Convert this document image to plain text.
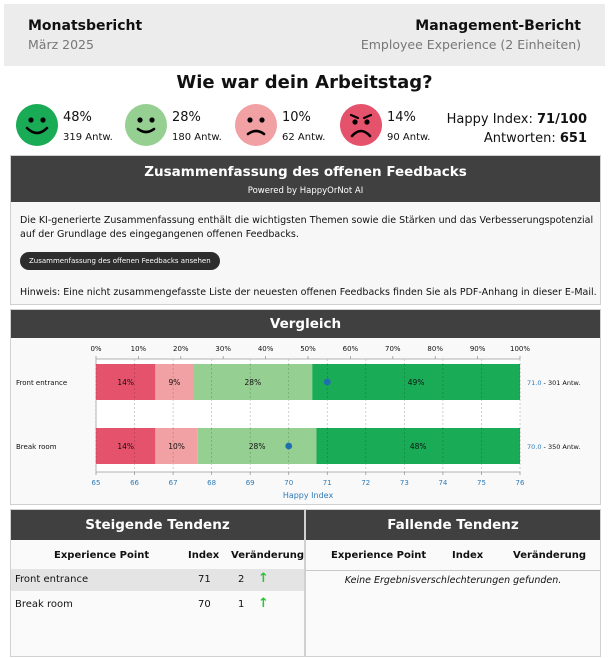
Monatsbericht
März 2025
Management-Bericht
Employee Experience (2 Einheiten)
Wie war dein Arbeitstag?
48%
319 Antw.
28%
180 Antw.
10%
62 Antw.
14%
90 Antw.
Happy Index: 71/100
Antworten: 651
Zusammenfassung des offenen Feedbacks
Powered by HappyOrNot AI
Die KI-generierte Zusammenfassung enthält die wichtigsten Themen sowie die Stärken und das Verbesserungspotenzial auf der Grundlage des eingegangenen offenen Feedbacks.
Zusammenfassung des offenen Feedbacks ansehen
Hinweis: Eine nicht zusammengefasste Liste der neuesten offenen Feedbacks finden Sie als PDF-Anhang in dieser E-Mail.
Vergleich
0%	10%	20%	30%	40%	50%	60%	70%	80%	90%	100%
65	66	67	68	69	70	71	72	73	74	75	76
Happy Index
14%	9%	28%	49%
Front entrance	71.0 - 301 Antw.
14%	10%	28%	48%
Break room	70.0 - 350 Antw.
Steigende Tendenz
Experience Point	Index Veränderung
Front entrance	71	2 ↑
Break room	70	1 ↑
Fallende Tendenz
Experience Point	Index	Veränderung
Keine Ergebnisverschlechterungen gefunden.
